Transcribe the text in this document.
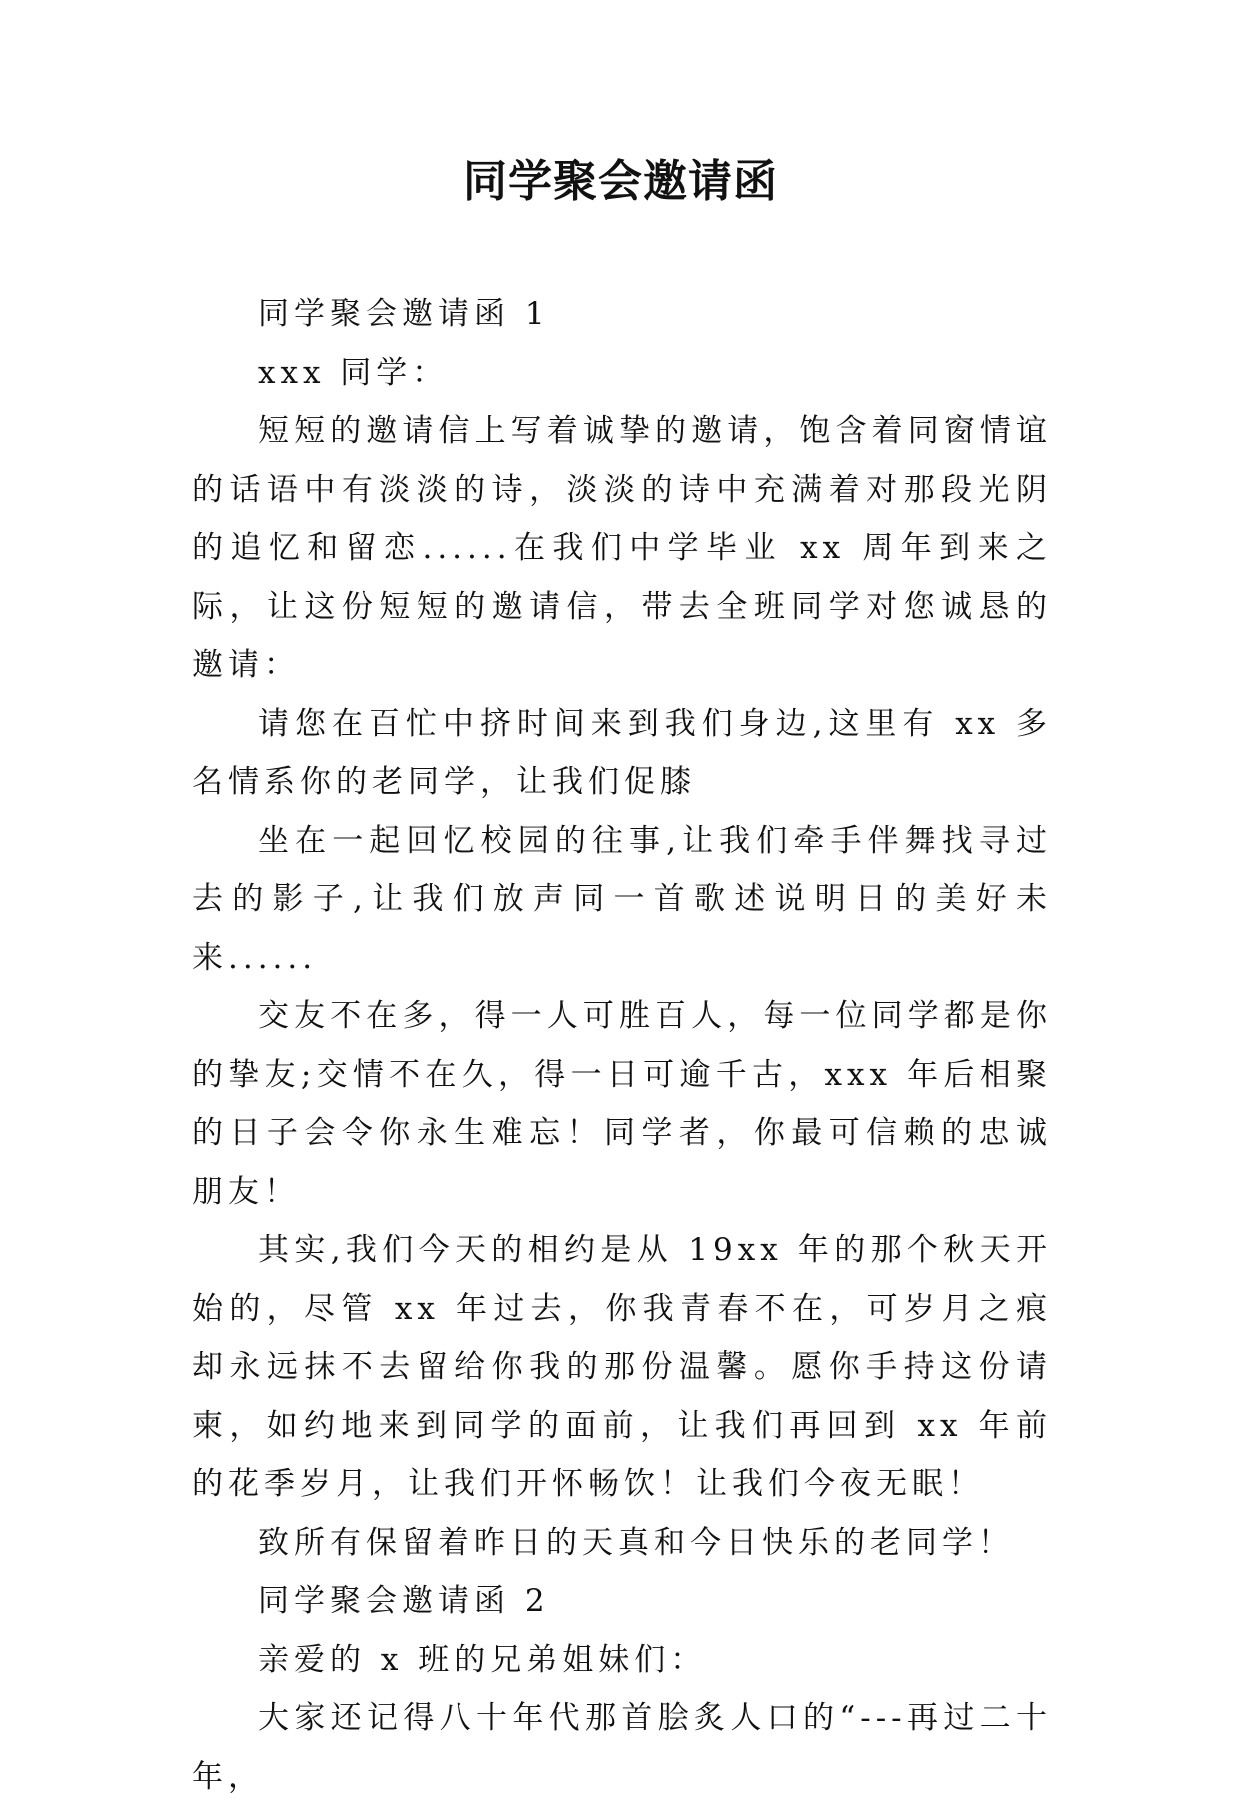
同学聚会邀请函

同学聚会邀请函 1

xxx 同学：

短短的邀请信上写着诚挚的邀请，饱含着同窗情谊的话语中有淡淡的诗，淡淡的诗中充满着对那段光阴的追忆和留恋......在我们中学毕业 xx 周年到来之际，让这份短短的邀请信，带去全班同学对您诚恳的邀请：

请您在百忙中挤时间来到我们身边,这里有 xx 多名情系你的老同学，让我们促膝

坐在一起回忆校园的往事,让我们牵手伴舞找寻过去的影子,让我们放声同一首歌述说明日的美好未来......

交友不在多，得一人可胜百人，每一位同学都是你的挚友;交情不在久，得一日可逾千古，xxx 年后相聚的日子会令你永生难忘！同学者，你最可信赖的忠诚朋友！

其实,我们今天的相约是从 19xx 年的那个秋天开始的，尽管 xx 年过去，你我青春不在，可岁月之痕却永远抹不去留给你我的那份温馨。愿你手持这份请柬，如约地来到同学的面前，让我们再回到 xx 年前的花季岁月，让我们开怀畅饮！让我们今夜无眠！

致所有保留着昨日的天真和今日快乐的老同学！

同学聚会邀请函 2

亲爱的 x 班的兄弟姐妹们：

大家还记得八十年代那首脍炙人口的“---再过二十年，
